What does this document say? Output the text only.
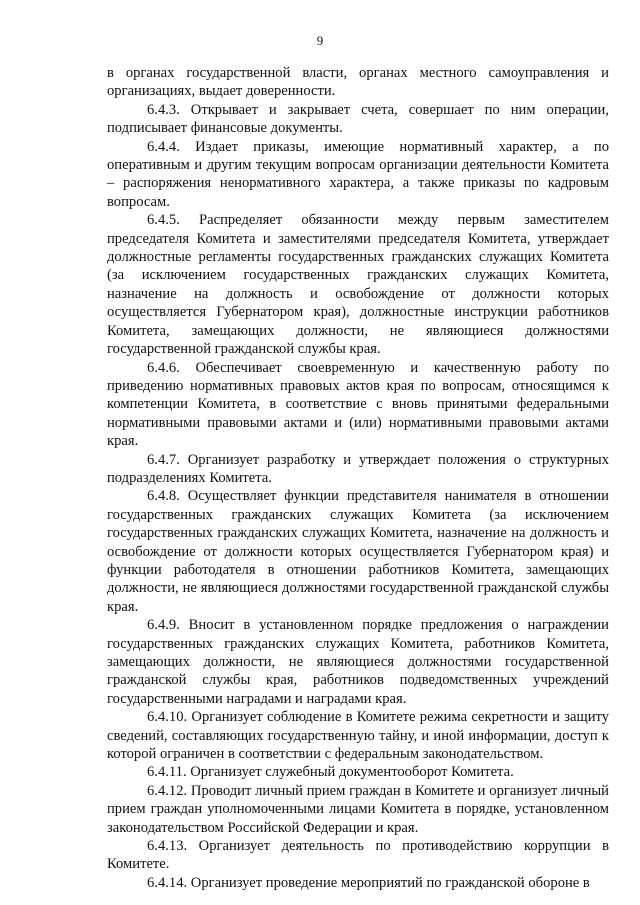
9

в органах государственной власти, органах местного самоуправления и организациях, выдает доверенности.

6.4.3. Открывает и закрывает счета, совершает по ним операции, подписывает финансовые документы.

6.4.4. Издает приказы, имеющие нормативный характер, а по оперативным и другим текущим вопросам организации деятельности Комитета – распоряжения ненормативного характера, а также приказы по кадровым вопросам.

6.4.5. Распределяет обязанности между первым заместителем председателя Комитета и заместителями председателя Комитета, утверждает должностные регламенты государственных гражданских служащих Комитета (за исключением государственных гражданских служащих Комитета, назначение на должность и освобождение от должности которых осуществляется Губернатором края), должностные инструкции работников Комитета, замещающих должности, не являющиеся должностями государственной гражданской службы края.

6.4.6. Обеспечивает своевременную и качественную работу по приведению нормативных правовых актов края по вопросам, относящимся к компетенции Комитета, в соответствие с вновь принятыми федеральными нормативными правовыми актами и (или) нормативными правовыми актами края.

6.4.7. Организует разработку и утверждает положения о структурных подразделениях Комитета.

6.4.8. Осуществляет функции представителя нанимателя в отношении государственных гражданских служащих Комитета (за исключением государственных гражданских служащих Комитета, назначение на должность и освобождение от должности которых осуществляется Губернатором края) и функции работодателя в отношении работников Комитета, замещающих должности, не являющиеся должностями государственной гражданской службы края.

6.4.9. Вносит в установленном порядке предложения о награждении государственных гражданских служащих Комитета, работников Комитета, замещающих должности, не являющиеся должностями государственной гражданской службы края, работников подведомственных учреждений государственными наградами и наградами края.

6.4.10. Организует соблюдение в Комитете режима секретности и защиту сведений, составляющих государственную тайну, и иной информации, доступ к которой ограничен в соответствии с федеральным законодательством.

6.4.11. Организует служебный документооборот Комитета.

6.4.12. Проводит личный прием граждан в Комитете и организует личный прием граждан уполномоченными лицами Комитета в порядке, установленном законодательством Российской Федерации и края.

6.4.13. Организует деятельность по противодействию коррупции в Комитете.

6.4.14. Организует проведение мероприятий по гражданской обороне в
